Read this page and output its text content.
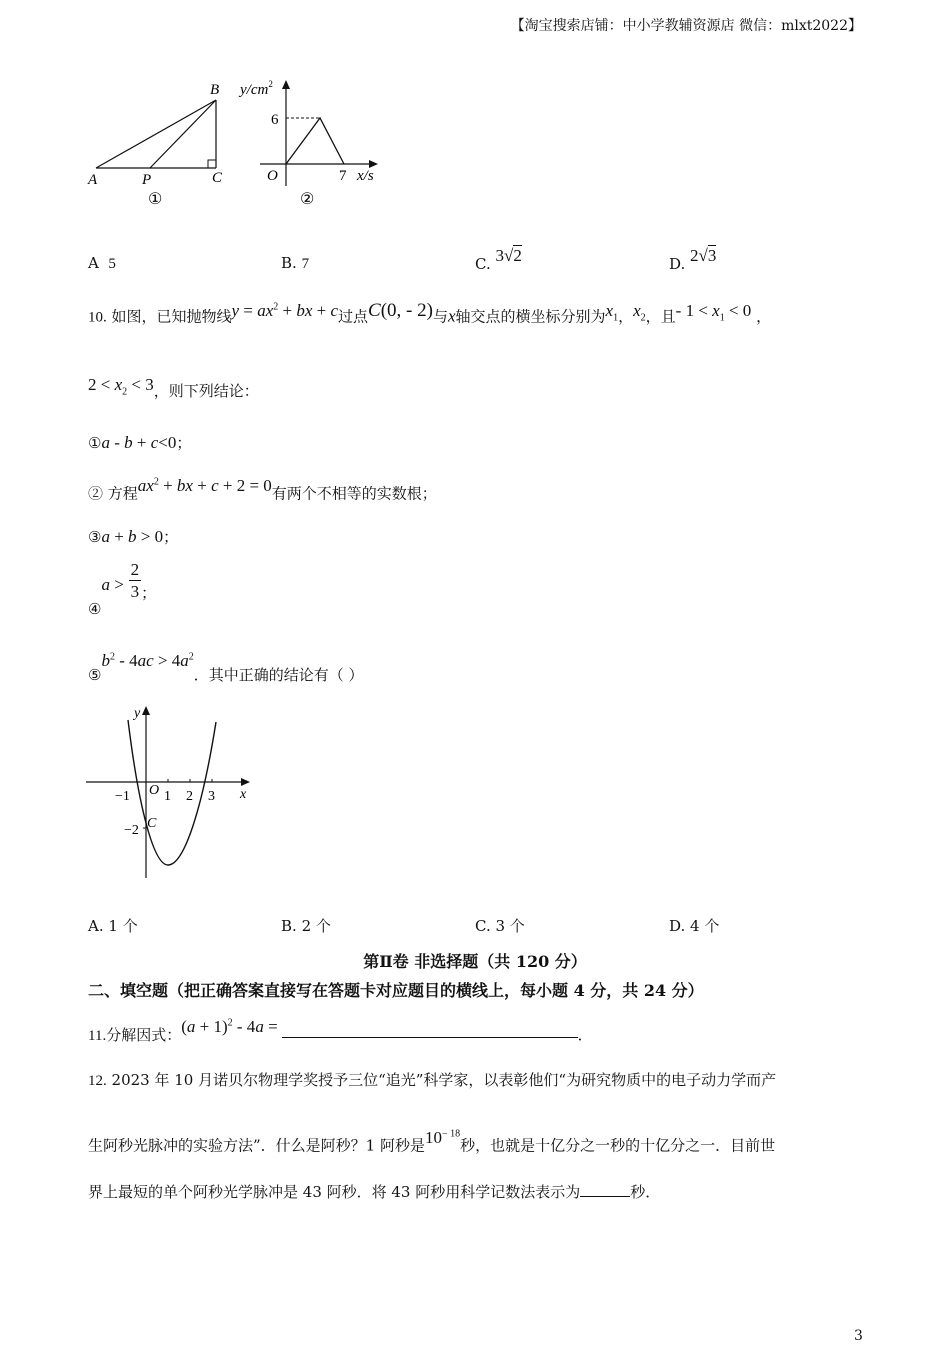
【淘宝搜索店铺：中小学教辅资源店 微信：mlxt2022】
A	P	C
B
①
$y/cm^2$
6
O	7 x/s
②
A 5	B. 7	C. 3√2	D. 2√3
10. 如图，已知抛物线$y = ax^2$ + bx + c过点C(0, - 2)与x轴交点的横坐标分别为$x_1$，$x_2$，且- $1 < x_1 < 0$ ，
$2 < x_2 < 3$，则下列结论：
①a - b + c<0；
② 方程$ax^2$ + bx + c + 2 = 0有两个不相等的实数根；
③a + b > 0；
④a > $\frac{2}{3}$ ；
$⑤b^2 - 4ac > 4a^2$．其中正确的结论有（ ）
y
x
O
−1 1 2 3
−2 C
A. 1 个	B. 2 个	C. 3 个	D. 4 个
第Ⅱ卷 非选择题（共 120 分）
二、填空题（把正确答案直接写在答题卡对应题目的横线上，每小题 4 分，共 24 分）
11.分解因式：$(a + 1)^2 - 4a$ =	．
12. 2023 年 10 月诺贝尔物理学奖授予三位“追光”科学家，以表彰他们“为研究物质中的电子动力学而产
生阿秒光脉冲的实验方法”．什么是阿秒？1 阿秒是$10^{- 18}$秒，也就是十亿分之一秒的十亿分之一．目前世
界上最短的单个阿秒光学脉冲是 43 阿秒．将 43 阿秒用科学记数法表示为	秒．
3
